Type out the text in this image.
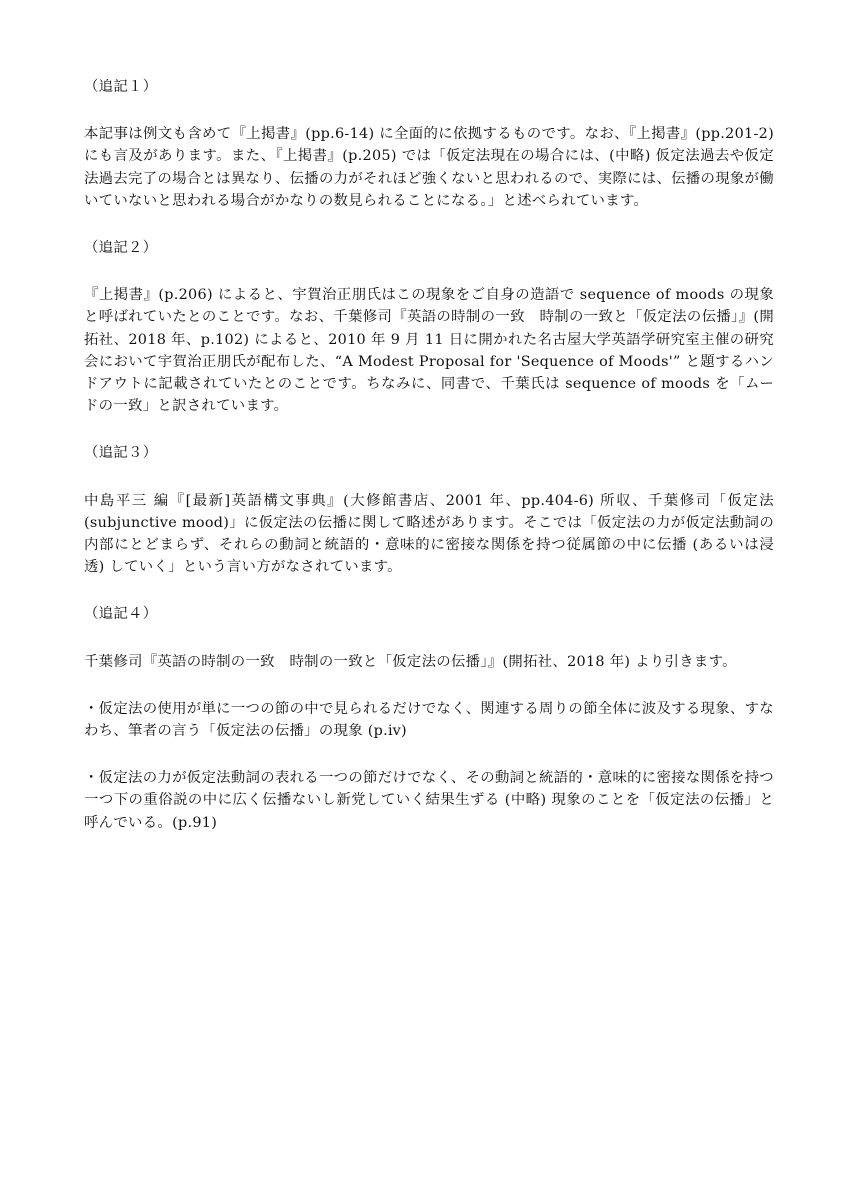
（追記１）

本記事は例文も含めて『上掲書』(pp.6-14) に全面的に依拠するものです。なお、『上掲書』(pp.201-2) にも言及があります。また、『上掲書』(p.205) では「仮定法現在の場合には、(中略) 仮定法過去や仮定法過去完了の場合とは異なり、伝播の力がそれほど強くないと思われるので、実際には、伝播の現象が働いていないと思われる場合がかなりの数見られることになる。」と述べられています。

（追記２）

『上掲書』(p.206) によると、宇賀治正朋氏はこの現象をご自身の造語で sequence of moods の現象と呼ばれていたとのことです。なお、千葉修司『英語の時制の一致　時制の一致と「仮定法の伝播」』(開拓社、2018 年、p.102) によると、2010 年 9 月 11 日に開かれた名古屋大学英語学研究室主催の研究会において宇賀治正朋氏が配布した、“A Modest Proposal for 'Sequence of Moods'” と題するハンドアウトに記載されていたとのことです。ちなみに、同書で、千葉氏は sequence of moods を「ムードの一致」と訳されています。

（追記３）

中島平三 編『[最新]英語構文事典』(大修館書店、2001 年、pp.404-6) 所収、千葉修司「仮定法 (subjunctive mood)」に仮定法の伝播に関して略述があります。そこでは「仮定法の力が仮定法動詞の内部にとどまらず、それらの動詞と統語的・意味的に密接な関係を持つ従属節の中に伝播 (あるいは浸透) していく」という言い方がなされています。

（追記４）

千葉修司『英語の時制の一致　時制の一致と「仮定法の伝播」』(開拓社、2018 年) より引きます。

・仮定法の使用が単に一つの節の中で見られるだけでなく、関連する周りの節全体に波及する現象、すなわち、筆者の言う「仮定法の伝播」の現象 (p.ⅳ)

・仮定法の力が仮定法動詞の表れる一つの節だけでなく、その動詞と統語的・意味的に密接な関係を持つ一つ下の重俗説の中に広く伝播ないし新党していく結果生ずる (中略) 現象のことを「仮定法の伝播」と呼んでいる。(p.91)
